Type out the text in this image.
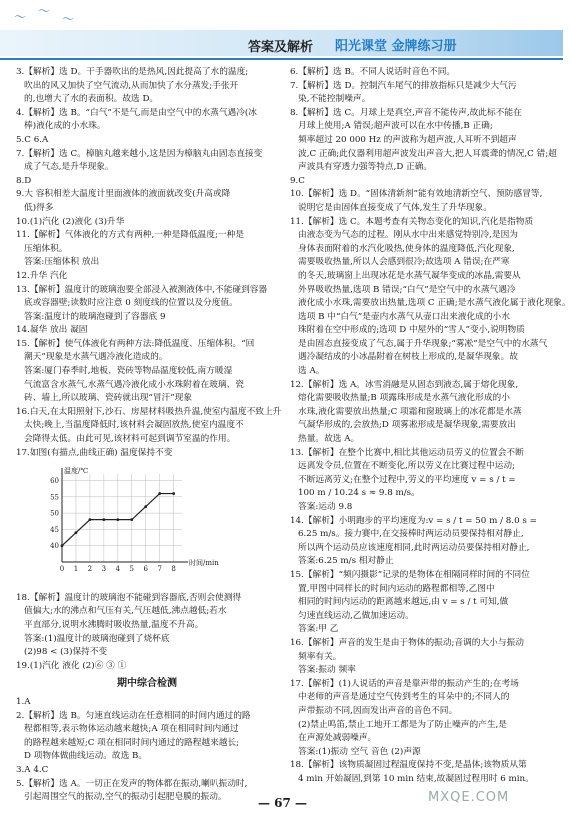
〜 〜
〜
答案及解析 阳光课堂 金牌练习册

3.【解析】选 D。干手器吹出的是热风,因此提高了水的温度;

吹出的风又加快了空气流动,从而加快了水分蒸发;手张开

的,也增大了水的表面积。故选 D。

4.【解析】选 B。“白气”不是气,而是由空气中的水蒸气遇冷(冰

棒)液化成的小水珠。

5.C 6.A

7.【解析】选 C。樟脑丸越来越小,这是因为樟脑丸由固态直接变

成了气态,是升华现象。

8.D

9.大 容积相差大温度计里面液体的液面就改变(升高或降

低)得多

10.(1)汽化 (2)液化 (3)升华

11.【解析】气体液化的方式有两种,一种是降低温度;一种是

压缩体积。

答案:压缩体积 放出

12.升华 汽化

13.【解析】温度计的玻璃泡要全部浸入被测液体中,不能碰到容器

底或容器壁;读数时应注意 0 刻度线的位置以及分度值。

答案:温度计的玻璃泡碰到了容器底 9

14.凝华 放出 凝固

15.【解析】使气体液化有两种方法:降低温度、压缩体积。“回

潮天”现象是水蒸气遇冷液化造成的。

答案:厦门春季时,地板、瓷砖等物品温度较低,南方暖湿

气流富含水蒸气,水蒸气遇冷液化成小水珠附着在玻璃、瓷

砖、墙上,所以玻璃、瓷砖就出现“冒汗”现象

16.白天,在太阳照射下,沙石、房屋材料吸热升温,使室内温度不致上升

太快;晚上,当温度降低时,该材料会凝固放热,使室内温度不

会降得太低。由此可见,该材料可起到调节室温的作用。

17.如图(有描点,曲线正确) 温度保持不变

0 1 2 3 4 5 6 7 8
40
45
50
55
60
温度/℃
时间/min

18.【解析】温度计的玻璃泡不能碰到容器底,否则会使测得

值偏大;水的沸点和气压有关,气压越低,沸点越低;若水

平直部分,说明水沸腾时吸收热量,温度不升高。

答案:(1)温度计的玻璃泡碰到了烧杯底

(2)98 < (3)保持不变

19.(1)汽化 液化 (2)⑥ ③ ①

期中综合检测

1.A

2.【解析】选 B。匀速直线运动在任意相同的时间内通过的路

程都相等,表示物体运动越来越快;A 项在相同时间内通过

的路程越来越短;C 项在相同时间内通过的路程越来越长;

D 项物体做曲线运动。故选 B。

3.A 4.C

5.【解析】选 A。一切正在发声的物体都在振动,喇叭振动时,

引起周围空气的振动,空气的振动引起肥皂膜的振动。

6.【解析】选 B。不同人说话时音色不同。

7.【解析】选 D。控制汽车尾气的排放指标只是减少大气污

染,不能控制噪声。

8.【解析】选 C。月球上是真空,声音不能传声,故此标不能在

月球上使用;A 错误;超声波可以在水中传播,B 正确;

频率超过 20 000 Hz 的声波称为超声波,人耳听不到超声

波,C 正确;此仪器利用超声波发出声音大,把人耳震聋的情况,C 错;超

声波具有穿透力强等特点,D 正确。

9.C

10.【解析】选 D。“固体清新剂”能有效地清新空气、预防感冒等,

说明它是由固体直接变成了气体,发生了升华现象。

11.【解析】选 C。本题考查有关物态变化的知识,汽化是指物质

由液态变为气态的过程。刚从水中出来感觉特别冷,是因为

身体表面附着的水汽化吸热,使身体的温度降低,汽化现象,

需要吸收热量,所以人会感到很冷;故选项 A 错误;在严寒

的冬天,玻璃窗上出现冰花是水蒸气凝华变成的冰晶,需要从

外界吸收热量,选项 B 错误;“白气”是空气中的水蒸气遇冷

液化成小水珠,需要放出热量,选项 C 正确;是水蒸气液化属于液化现象。

选项 B 中“白气”是壶内水蒸气从壶口出来液化成的小水

珠附着在空中形成的;选项 D 中屋外的“雪人”变小,说明物质

是由固态直接变成了气态,属于升华现象;“雾凇”是空气中的水蒸气

遇冷凝结成的小冰晶附着在树枝上形成的,是凝华现象。故

选 A。

12.【解析】选 A。冰雪消融是从固态到液态,属于熔化现象,

熔化需要吸收热量;B 项露珠形成是水蒸气液化形成的小

水珠,液化需要放出热量;C 项霜和窗玻璃上的冰花都是水蒸

气凝华形成的,会放热;D 项雾凇形成是凝华现象,需要放出

热量。故选 A。

13.【解析】在整个比赛中,相比其他运动员劳义的位置会不断

远离发令员,位置在不断变化,所以劳义在比赛过程中运动;

不断远离劳义;在整个过程中,劳义的平均速度 v = s / t =

100 m / 10.24 s ≈ 9.8 m/s。

答案:运动 9.8

14.【解析】小明跑步的平均速度为:v = s / t = 50 m / 8.0 s =

6.25 m/s。接力赛中,在交接棒时两运动员要保持相对静止,

所以两个运动员应该速度相同,此时两运动员要保持相对静止,

答案:6.25 m/s 相对静止

15.【解析】“频闪摄影”记录的是物体在相隔同样时间的不同位

置,甲图中同样长的时间内运动的路程都相等,乙图中

相同的时间内运动的距离越来越远,由 v = s / t 可知,做

匀速直线运动,乙做加速运动。

答案:甲 乙

16.【解析】声音的发生是由于物体的振动;音调的大小与振动

频率有关。

答案:振动 频率

17.【解析】(1)人说话的声音是靠声带的振动产生的;在考场

中老师的声音是通过空气传到考生的耳朵中的;不同人的

声带振动不同,因而发出声音的音色不同。

(2)禁止鸣笛,禁止工地开工都是为了防止噪声的产生,是

在声源处减弱噪声。

答案:(1)振动 空气 音色 (2)声源

18.【解析】该物质凝固过程温度保持不变,是晶体;该物质从第

4 min 开始凝固,到第 10 min 结束,故凝固过程用时 6 min。

— 67 —	MXQE.COM
